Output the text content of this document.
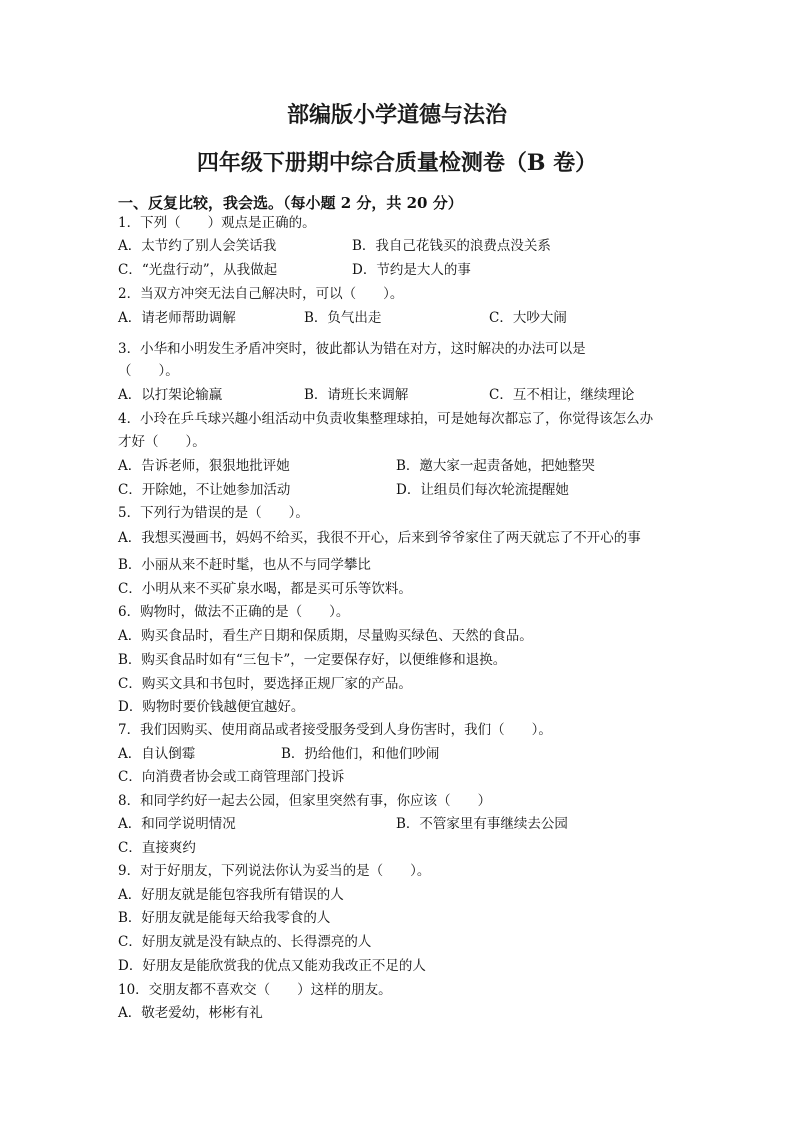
部编版小学道德与法治
四年级下册期中综合质量检测卷（B 卷）
一、反复比较，我会选。（每小题 2 分，共 20 分）
1．下列（　　）观点是正确的。
A．太节约了别人会笑话我	B．我自己花钱买的浪费点没关系
C．“光盘行动”，从我做起	D．节约是大人的事
2．当双方冲突无法自己解决时，可以（　　）。
A．请老师帮助调解	B．负气出走	C．大吵大闹
3．小华和小明发生矛盾冲突时，彼此都认为错在对方，这时解决的办法可以是
（　　）。
A．以打架论输赢	B．请班长来调解	C．互不相让，继续理论
4．小玲在乒乓球兴趣小组活动中负责收集整理球拍，可是她每次都忘了，你觉得该怎么办
才好（　　）。
A．告诉老师，狠狠地批评她	B．邀大家一起责备她，把她整哭
C．开除她，不让她参加活动	D．让组员们每次轮流提醒她
5．下列行为错误的是（　　）。
A．我想买漫画书，妈妈不给买，我很不开心，后来到爷爷家住了两天就忘了不开心的事
B．小丽从来不赶时髦，也从不与同学攀比
C．小明从来不买矿泉水喝，都是买可乐等饮料。
6．购物时，做法不正确的是（　　）。
A．购买食品时，看生产日期和保质期，尽量购买绿色、天然的食品。
B．购买食品时如有“三包卡”，一定要保存好，以便维修和退换。
C．购买文具和书包时，要选择正规厂家的产品。
D．购物时要价钱越便宜越好。
7．我们因购买、使用商品或者接受服务受到人身伤害时，我们（　　）。
A．自认倒霉	B．扔给他们，和他们吵闹
C．向消费者协会或工商管理部门投诉
8．和同学约好一起去公园，但家里突然有事，你应该（　　）
A．和同学说明情况	B．不管家里有事继续去公园
C．直接爽约
9．对于好朋友，下列说法你认为妥当的是（　　）。
A．好朋友就是能包容我所有错误的人
B．好朋友就是能每天给我零食的人
C．好朋友就是没有缺点的、长得漂亮的人
D．好朋友是能欣赏我的优点又能劝我改正不足的人
10．交朋友都不喜欢交（　　）这样的朋友。
A．敬老爱幼，彬彬有礼
